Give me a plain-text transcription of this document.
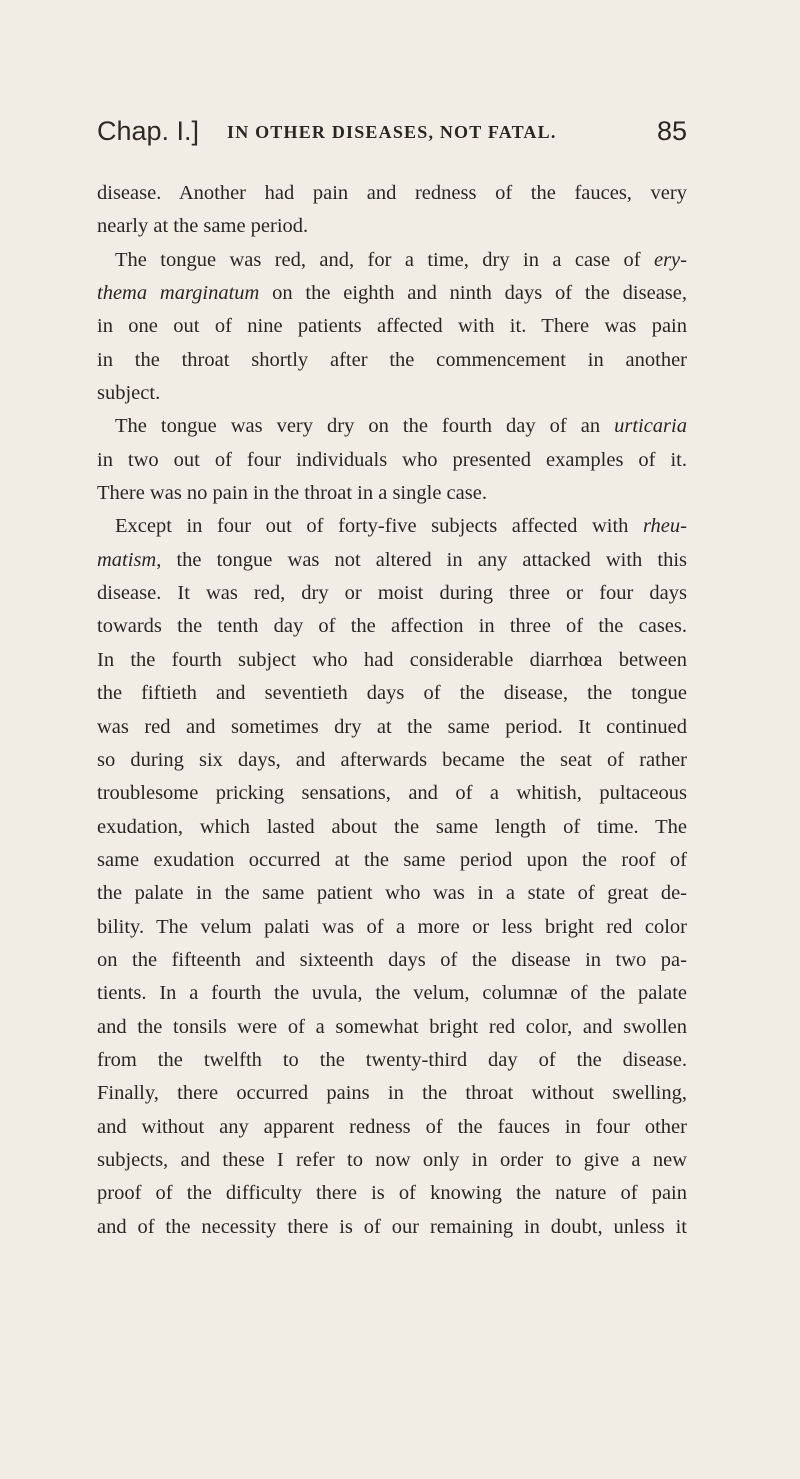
Chap. I.] IN OTHER DISEASES, NOT FATAL.	85
disease. Another had pain and redness of the fauces, very
nearly at the same period.
The tongue was red, and, for a time, dry in a case of ery-
thema marginatum on the eighth and ninth days of the disease,
in one out of nine patients affected with it. There was pain
in the throat shortly after the commencement in another
subject.
The tongue was very dry on the fourth day of an urticaria
in two out of four individuals who presented examples of it.
There was no pain in the throat in a single case.
Except in four out of forty-five subjects affected with rheu-
matism, the tongue was not altered in any attacked with this
disease. It was red, dry or moist during three or four days
towards the tenth day of the affection in three of the cases.
In the fourth subject who had considerable diarrhœa between
the fiftieth and seventieth days of the disease, the tongue
was red and sometimes dry at the same period. It continued
so during six days, and afterwards became the seat of rather
troublesome pricking sensations, and of a whitish, pultaceous
exudation, which lasted about the same length of time. The
same exudation occurred at the same period upon the roof of
the palate in the same patient who was in a state of great de-
bility. The velum palati was of a more or less bright red color
on the fifteenth and sixteenth days of the disease in two pa-
tients. In a fourth the uvula, the velum, columnæ of the palate
and the tonsils were of a somewhat bright red color, and swollen
from the twelfth to the twenty-third day of the disease.
Finally, there occurred pains in the throat without swelling,
and without any apparent redness of the fauces in four other
subjects, and these I refer to now only in order to give a new
proof of the difficulty there is of knowing the nature of pain
and of the necessity there is of our remaining in doubt, unless it
